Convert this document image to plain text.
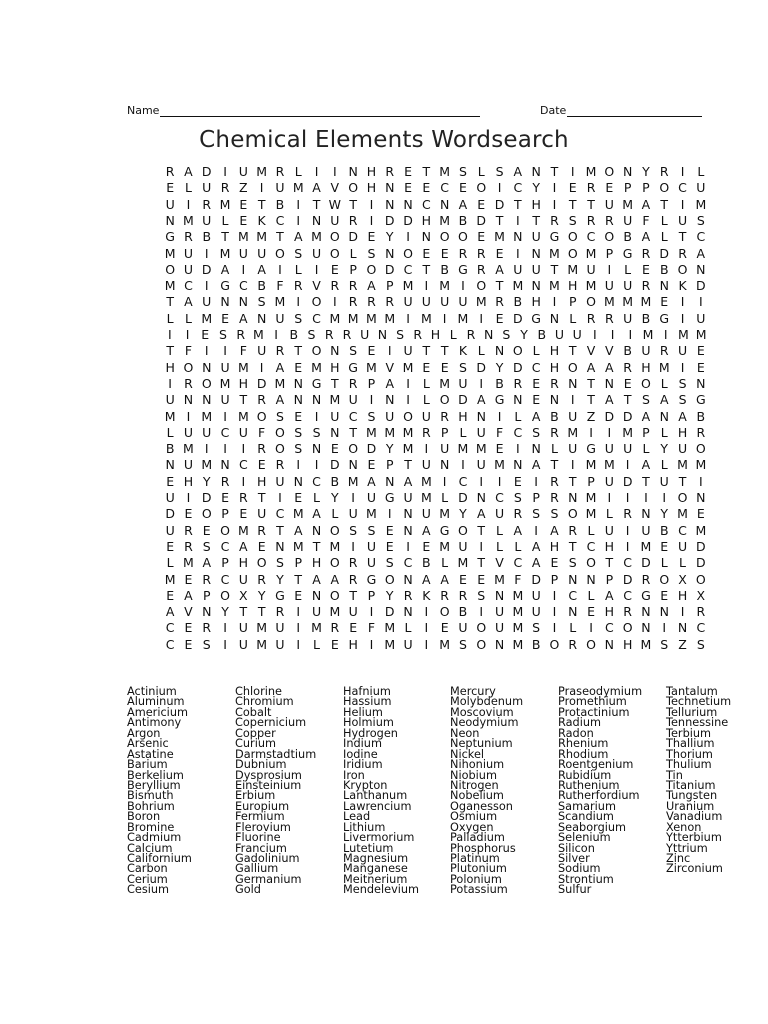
Name	Date
Chemical Elements Wordsearch
R A D I U M R L	I	I N H R E T M S L S A N T	I M O N Y R I	L
E L U R Z I U M A V O H N E E C E O I C Y	I	E R E P P O C U
U I R M E T B I	T W T	I N N C N A E D T H I	T T U M A T	I M
N M U L E K C I N U R I D D H M B D T	I	T R S R R U F L U S
G R B T M M T A M O D E Y	I N O O E M N U G O C O B A L T C
M U I M U U O S U O L S N O E E R R E	I N M O M P G R D R A
O U D A I A I	L	I	E P O D C T B G R A U U T M U I	L E B O N
M C I G C B F R V R R A P M I M I O T M N M H M U U R N K D
T A U N N S M I O I R R R U U U U M R B H I	P O M M M E	I	I
L L M E A N U S C M M M M I M I M I	E D G N L R R U B G I U
I	I E S R M I B S R R U N S R H L R N S Y B U U I	I	I M I M M
T F	I	I	F U R T O N S E	I U T T K L N O L H T V V B U R U E
H O N U M I A E M H G M V M E E S D Y D C H O A A R H M I	E
I R O M H D M N G T R P A I	L M U I B R E R N T N E O L S N
U N N U T R A N N M U I N I	L O D A G N E N I	T A T S A S G
M I M I M O S E	I U C S U O U R H N I	L A B U Z D D A N A B
L U U C U F O S S N T M M M R P L U F C S R M I	I M P L H R
B M I	I	I R O S N E O D Y M I U M M E	I N L U G U U L Y U O
N U M N C E R I	I D N E P T U N I U M N A T	I M M I A L M M
E H Y R I H U N C B M A N A M I C I	I	E	I R T P U D T U T	I
U I D E R T	I	E L Y	I U G U M L D N C S P R N M I	I	I	I O N
D E O P E U C M A L U M I N U M Y A U R S S O M L R N Y M E
U R E O M R T A N O S S E N A G O T L A I A R L U I U B C M
E R S C A E N M T M I U E	I	E M U I	L L A H T C H I M E U D
L M A P H O S P H O R U S C B L M T V C A E S O T C D L L D
M E R C U R Y T A A R G O N A A E E M F D P N N P D R O X O
E A P O X Y G E N O T P Y R K R R S N M U I C L A C G E H X
A V N Y T T R I U M U I D N I O B I U M U I N E H R N N I R
C E R I U M U I M R E F M L	I	E U O U M S I	L	I C O N I N C
C E S I U M U I	L E H I M U I M S O N M B O R O N H M S Z S
Actinium
Aluminum
Americium
Antimony
Argon
Arsenic
Astatine
Barium
Berkelium
Beryllium
Bismuth
Bohrium
Boron
Bromine
Cadmium
Calcium
Californium
Carbon
Cerium
Cesium
Chlorine
Chromium
Cobalt
Copernicium
Copper
Curium
Darmstadtium
Dubnium
Dysprosium
Einsteinium
Erbium
Europium
Fermium
Flerovium
Fluorine
Francium
Gadolinium
Gallium
Germanium
Gold
Hafnium
Hassium
Helium
Holmium
Hydrogen
Indium
Iodine
Iridium
Iron
Krypton
Lanthanum
Lawrencium
Lead
Lithium
Livermorium
Lutetium
Magnesium
Manganese
Meitnerium
Mendelevium
Mercury
Molybdenum
Moscovium
Neodymium
Neon
Neptunium
Nickel
Nihonium
Niobium
Nitrogen
Nobelium
Oganesson
Osmium
Oxygen
Palladium
Phosphorus
Platinum
Plutonium
Polonium
Potassium
Praseodymium
Promethium
Protactinium
Radium
Radon
Rhenium
Rhodium
Roentgenium
Rubidium
Ruthenium
Rutherfordium
Samarium
Scandium
Seaborgium
Selenium
Silicon
Silver
Sodium
Strontium
Sulfur
Tantalum
Technetium
Tellurium
Tennessine
Terbium
Thallium
Thorium
Thulium
Tin
Titanium
Tungsten
Uranium
Vanadium
Xenon
Ytterbium
Yttrium
Zinc
Zirconium
